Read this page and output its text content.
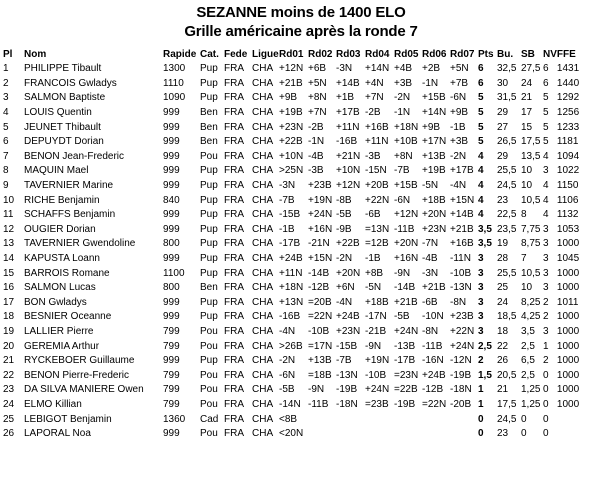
SEZANNE moins de 1400 ELO
Grille américaine après la ronde 7
Pl	Nom	Rapide	Cat.	Fede	Ligue	Rd01	Rd02	Rd03	Rd04	Rd05	Rd06	Rd07	Pts	Bu.	SB	NV	FFE
1	PHILIPPE Tibault	1300	Pup	FRA	CHA	+12N	+6B	-3N	+14N	+4B	+2B	+5N	6	32,5	27,5	6	1431
2	FRANCOIS Gwladys	1110	Pup	FRA	CHA	+21B	+5N	+14B	+4N	+3B	-1N	+7B	6	30	24	6	1440
3	SALMON Baptiste	1090	Pup	FRA	CHA	+9B	+8N	+1B	+7N	-2N	+15B	-6N	5	31,5	21	5	1292
4	LOUIS Quentin	999	Ben	FRA	CHA	+19B	+7N	+17B	-2B	-1N	+14N	+9B	5	29	17	5	1256
5	JEUNET Thibault	999	Ben	FRA	CHA	+23N	-2B	+11N	+16B	+18N	+9B	-1B	5	27	15	5	1233
6	DEPUYDT Dorian	999	Ben	FRA	CHA	+22B	-1N	-16B	+11N	+10B	+17N	+3B	5	26,5	17,5	5	1181
7	BENON Jean-Frederic	999	Pou	FRA	CHA	+10N	-4B	+21N	-3B	+8N	+13B	-2N	4	29	13,5	4	1094
8	MAQUIN Mael	999	Pup	FRA	CHA	>25N	-3B	+10N	-15N	-7B	+19B	+17B	4	25,5	10	3	1022
9	TAVERNIER Marine	999	Pup	FRA	CHA	-3N	+23B	+12N	+20B	+15B	-5N	-4N	4	24,5	10	4	1150
10	RICHE Benjamin	840	Pup	FRA	CHA	-7B	+19N	-8B	+22N	-6N	+18B	+15N	4	23	10,5	4	1106
11	SCHAFFS Benjamin	999	Pup	FRA	CHA	-15B	+24N	-5B	-6B	+12N	+20N	+14B	4	22,5	8	4	1132
12	OUGIER Dorian	999	Pup	FRA	CHA	-1B	+16N	-9B	=13N	-11B	+23N	+21B	3,5	23,5	7,75	3	1053
13	TAVERNIER Gwendoline	800	Pup	FRA	CHA	-17B	-21N	+22B	=12B	+20N	-7N	+16B	3,5	19	8,75	3	1000
14	KAPUSTA Loann	999	Pup	FRA	CHA	+24B	+15N	-2N	-1B	+16N	-4B	-11N	3	28	7	3	1045
15	BARROIS Romane	1100	Pup	FRA	CHA	+11N	-14B	+20N	+8B	-9N	-3N	-10B	3	25,5	10,5	3	1000
16	SALMON Lucas	800	Ben	FRA	CHA	+18N	-12B	+6N	-5N	-14B	+21B	-13N	3	25	10	3	1000
17	BON Gwladys	999	Pup	FRA	CHA	+13N	=20B	-4N	+18B	+21B	-6B	-8N	3	24	8,25	2	1011
18	BESNIER Oceanne	999	Pup	FRA	CHA	-16B	=22N	+24B	-17N	-5B	-10N	+23B	3	18,5	4,25	2	1000
19	LALLIER Pierre	799	Pou	FRA	CHA	-4N	-10B	+23N	-21B	+24N	-8N	+22N	3	18	3,5	3	1000
20	GEREMIA Arthur	799	Pou	FRA	CHA	>26B	=17N	-15B	-9N	-13B	-11B	+24N	2,5	22	2,5	1	1000
21	RYCKEBOER Guillaume	999	Pup	FRA	CHA	-2N	+13B	-7B	+19N	-17B	-16N	-12N	2	26	6,5	2	1000
22	BENON Pierre-Frederic	799	Pou	FRA	CHA	-6N	=18B	-13N	-10B	=23N	+24B	-19B	1,5	20,5	2,5	0	1000
23	DA SILVA MANIERE Owen	799	Pou	FRA	CHA	-5B	-9N	-19B	+24N	=22B	-12B	-18N	1	21	1,25	0	1000
24	ELMO Killian	799	Pou	FRA	CHA	-14N	-11B	-18N	=23B	-19B	=22N	-20B	1	17,5	1,25	0	1000
25	LEBIGOT Benjamin	1360	Cad	FRA	CHA	<8B							0	24,5	0	0	
26	LAPORAL Noa	999	Pou	FRA	CHA	<20N							0	23	0	0	
